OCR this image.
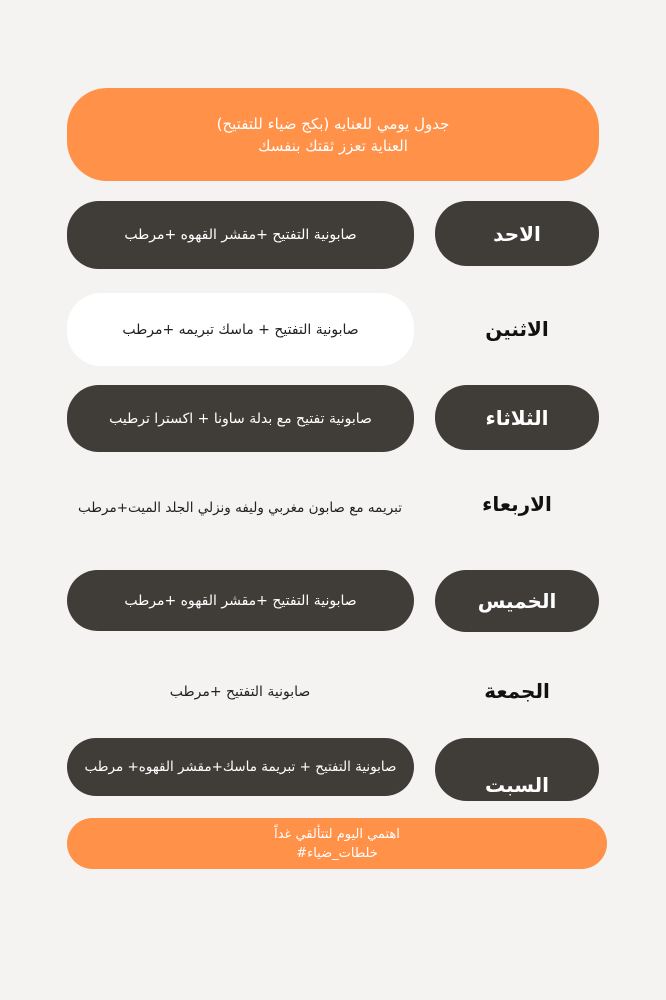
جدول يومي للعنايه (بكج ضياء للتفتيح)
العناية تعزز ثقتك بنفسك
الاحد
صابونية التفتيح +مقشر القهوه +مرطب
الاثنين
صابونية التفتيح + ماسك تبريمه +مرطب
الثلاثاء
صابونية تفتيح مع بدلة ساونا + اكسترا ترطيب
الاربعاء
تبريمه مع صابون مغربي وليفه ونزلي الجلد الميت+مرطب
الخميس
صابونية التفتيح +مقشر القهوه +مرطب
الجمعة
صابونية التفتيح +مرطب
السبت
صابونية التفتيح + تبريمة ماسك+مقشر القهوه+ مرطب
اهتمي اليوم لتتألقي غداً
خلطات_ضياء#
